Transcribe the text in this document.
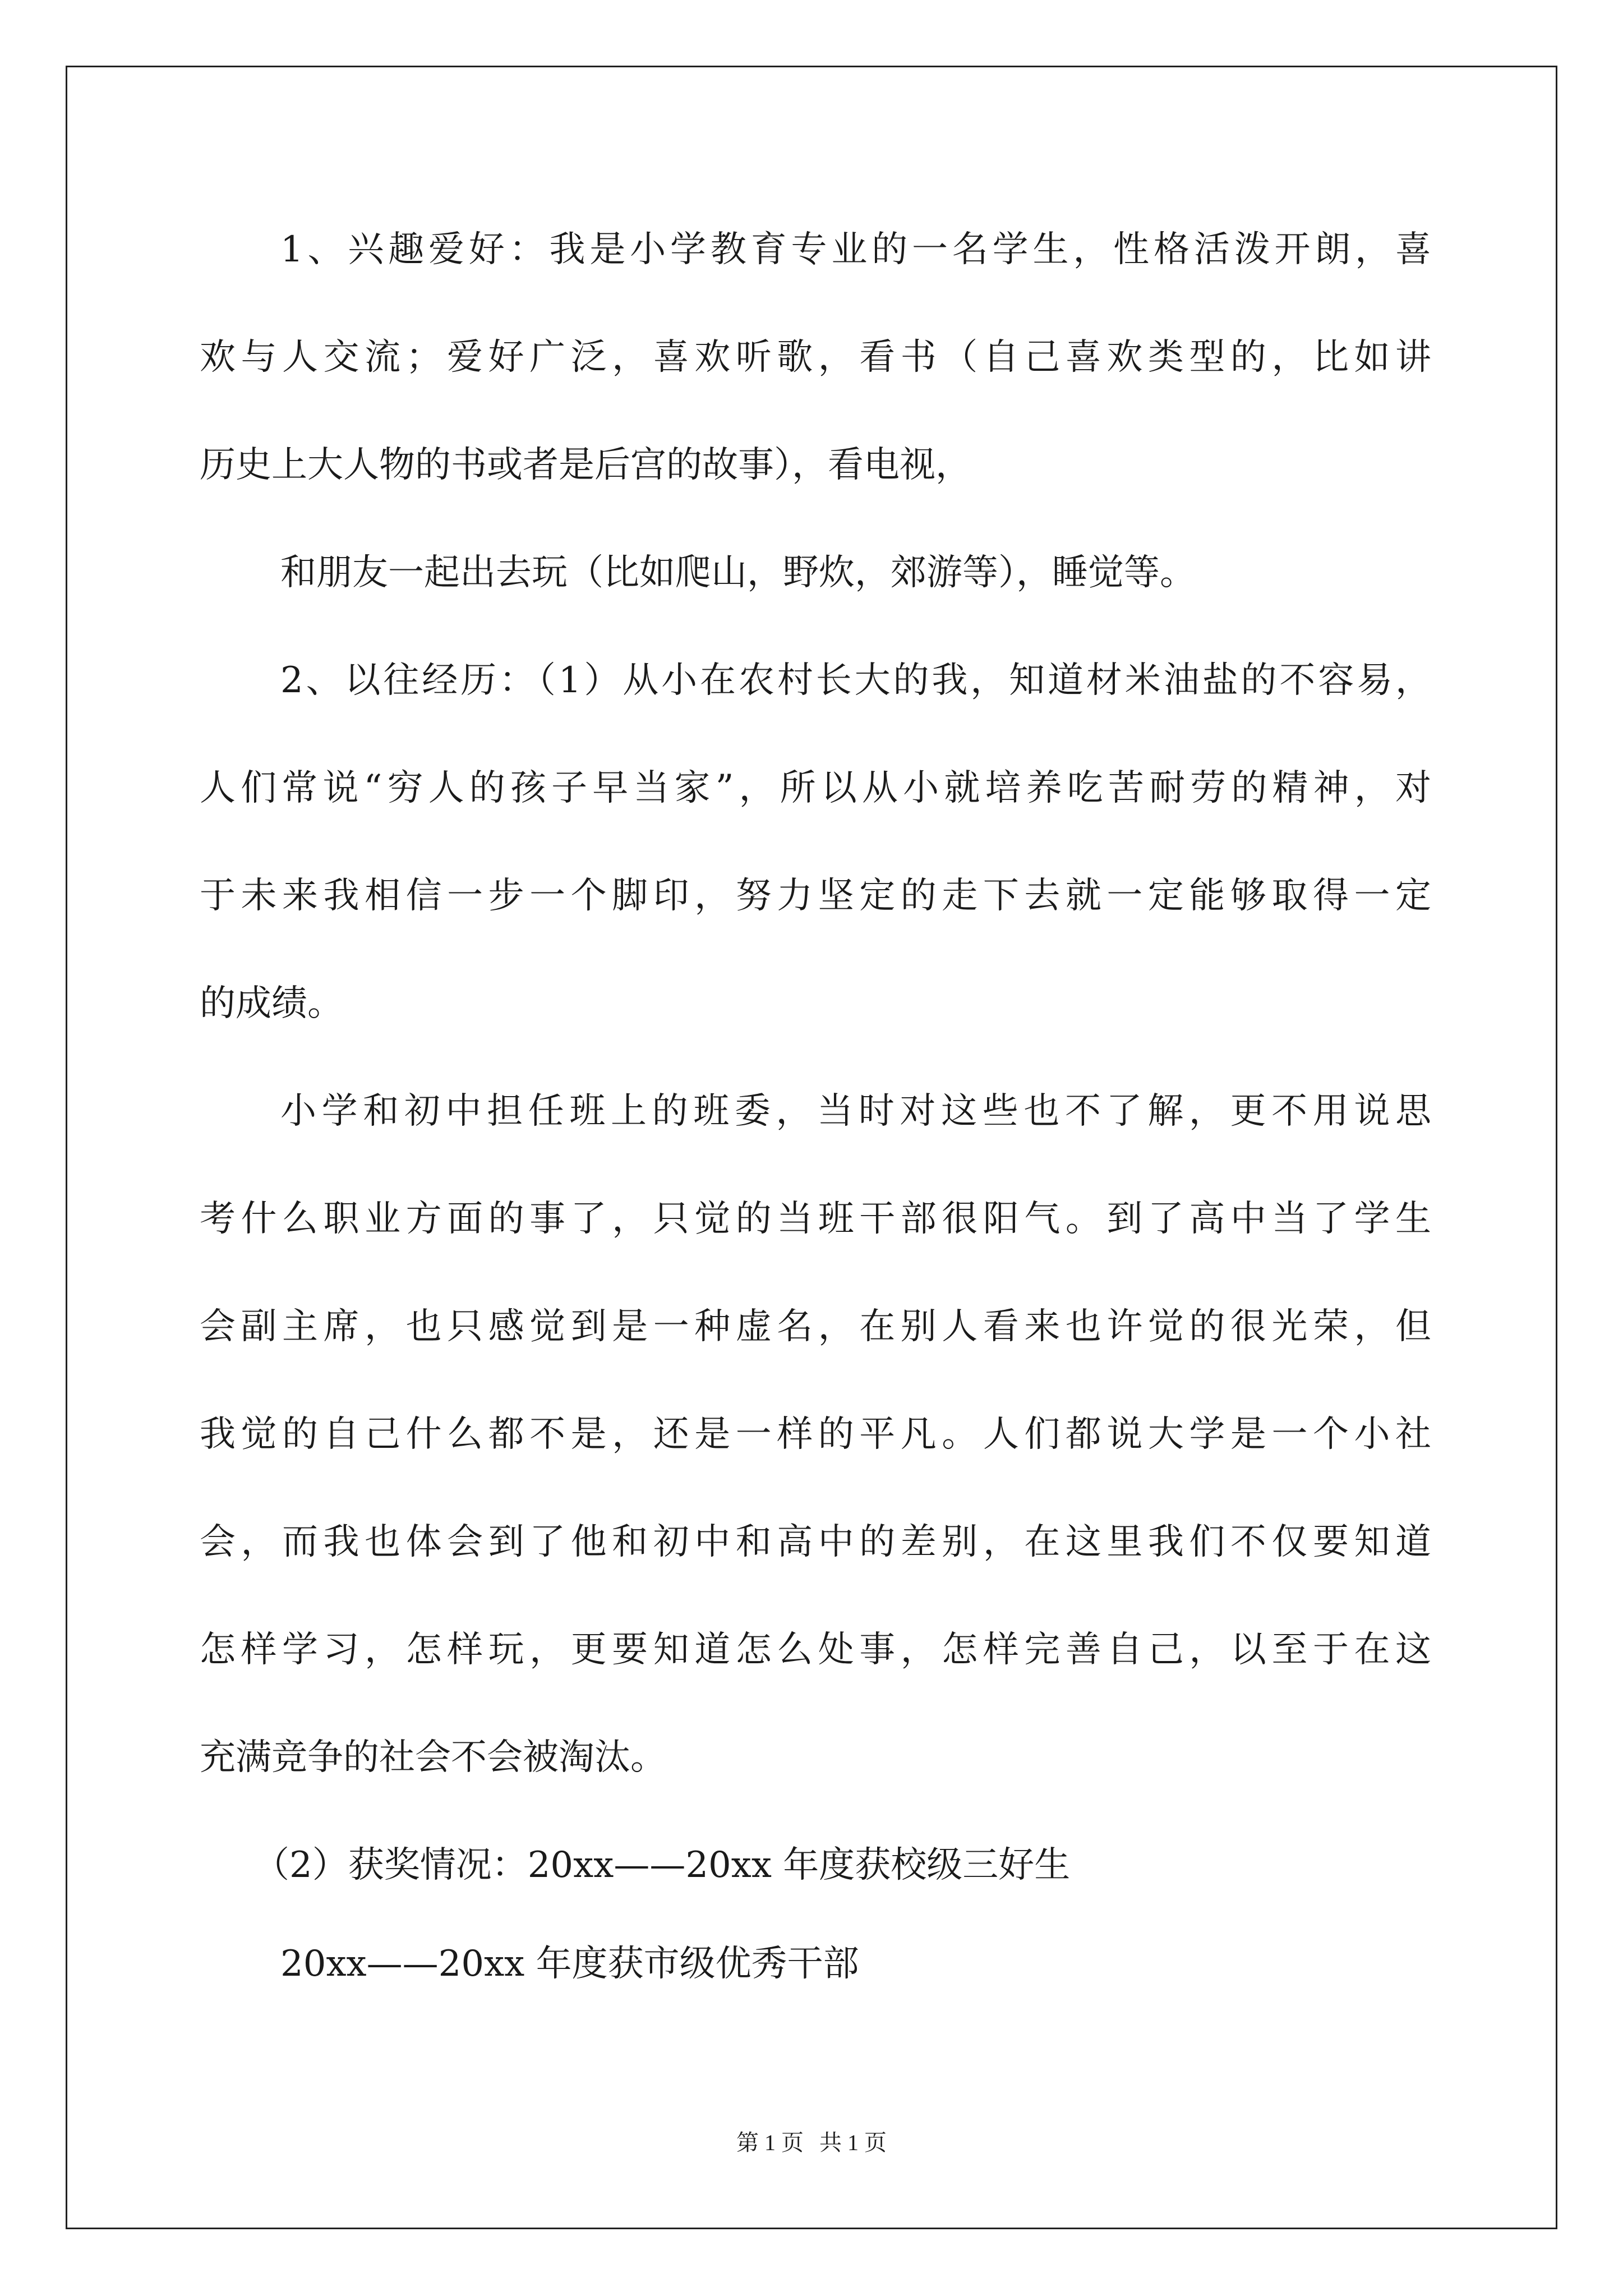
1、兴趣爱好：我是小学教育专业的一名学生，性格活泼开朗，喜
欢与人交流；爱好广泛，喜欢听歌，看书（自己喜欢类型的，比如讲
历史上大人物的书或者是后宫的故事），看电视，
和朋友一起出去玩（比如爬山，野炊，郊游等），睡觉等。
2、以往经历：（1）从小在农村长大的我，知道材米油盐的不容易，
人们常说“穷人的孩子早当家”，所以从小就培养吃苦耐劳的精神，对
于未来我相信一步一个脚印，努力坚定的走下去就一定能够取得一定
的成绩。
小学和初中担任班上的班委，当时对这些也不了解，更不用说思
考什么职业方面的事了，只觉的当班干部很阳气。到了高中当了学生
会副主席，也只感觉到是一种虚名，在别人看来也许觉的很光荣，但
我觉的自己什么都不是，还是一样的平凡。人们都说大学是一个小社
会，而我也体会到了他和初中和高中的差别，在这里我们不仅要知道
怎样学习，怎样玩，更要知道怎么处事，怎样完善自己，以至于在这
充满竞争的社会不会被淘汰。
（2）获奖情况：20xx——20xx 年度获校级三好生
20xx——20xx 年度获市级优秀干部
第 1 页 共 1 页
